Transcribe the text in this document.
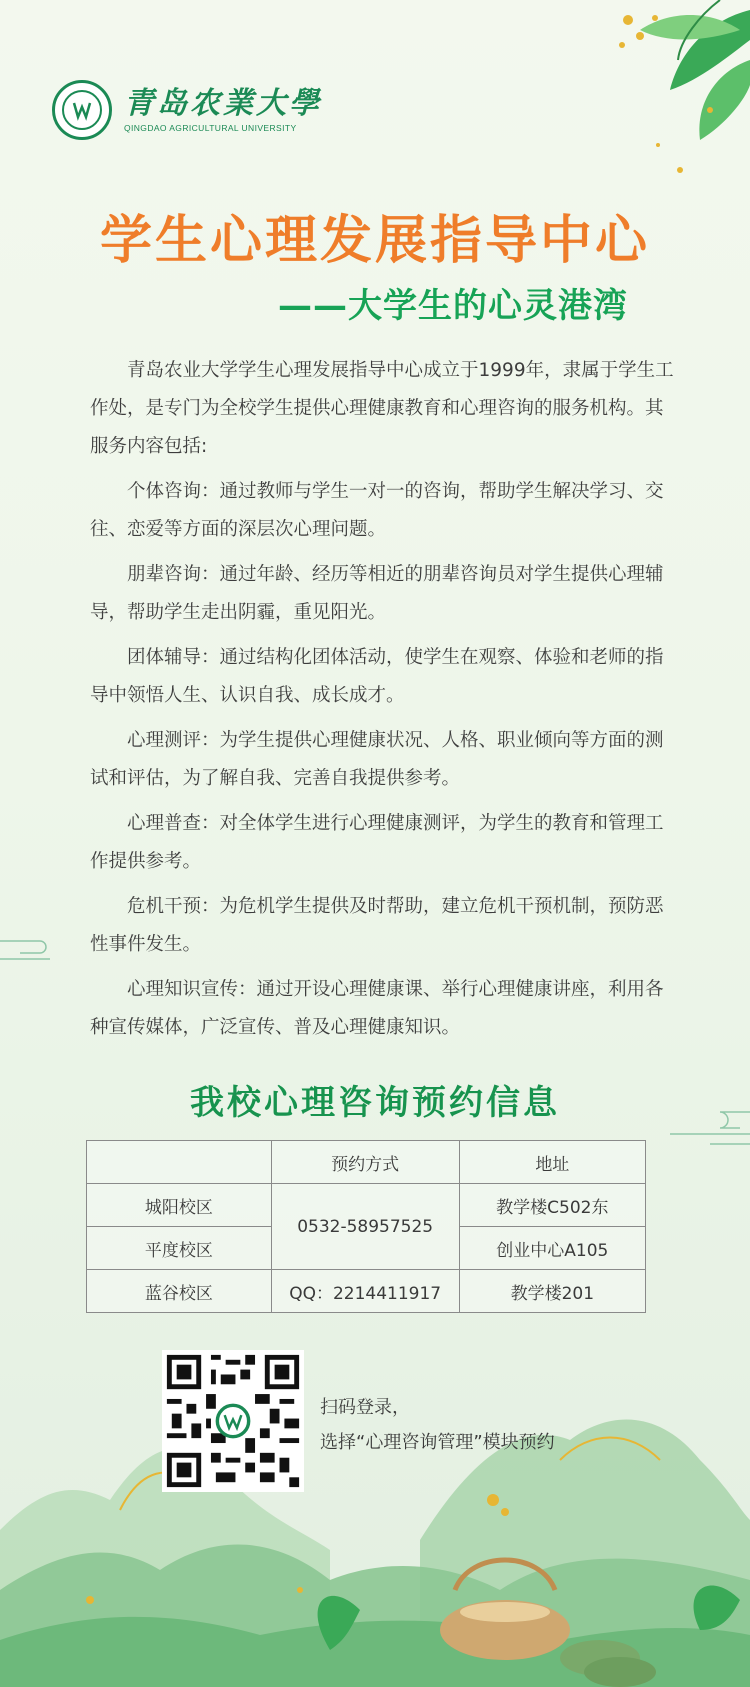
青岛农業大學
QINGDAO AGRICULTURAL UNIVERSITY
学生心理发展指导中心
——大学生的心灵港湾

青岛农业大学学生心理发展指导中心成立于1999年，隶属于学生工作处，是专门为全校学生提供心理健康教育和心理咨询的服务机构。其服务内容包括:

个体咨询：通过教师与学生一对一的咨询，帮助学生解决学习、交往、恋爱等方面的深层次心理问题。

朋辈咨询：通过年龄、经历等相近的朋辈咨询员对学生提供心理辅导，帮助学生走出阴霾，重见阳光。

团体辅导：通过结构化团体活动，使学生在观察、体验和老师的指导中领悟人生、认识自我、成长成才。

心理测评：为学生提供心理健康状况、人格、职业倾向等方面的测试和评估，为了解自我、完善自我提供参考。

心理普查：对全体学生进行心理健康测评，为学生的教育和管理工作提供参考。

危机干预：为危机学生提供及时帮助，建立危机干预机制，预防恶性事件发生。

心理知识宣传：通过开设心理健康课、举行心理健康讲座，利用各种宣传媒体，广泛宣传、普及心理健康知识。

我校心理咨询预约信息
	预约方式	地址
城阳校区	0532-58957525	教学楼C502东
平度校区		创业中心A105
蓝谷校区	QQ：2214411917	教学楼201
扫码登录，
选择“心理咨询管理”模块预约
